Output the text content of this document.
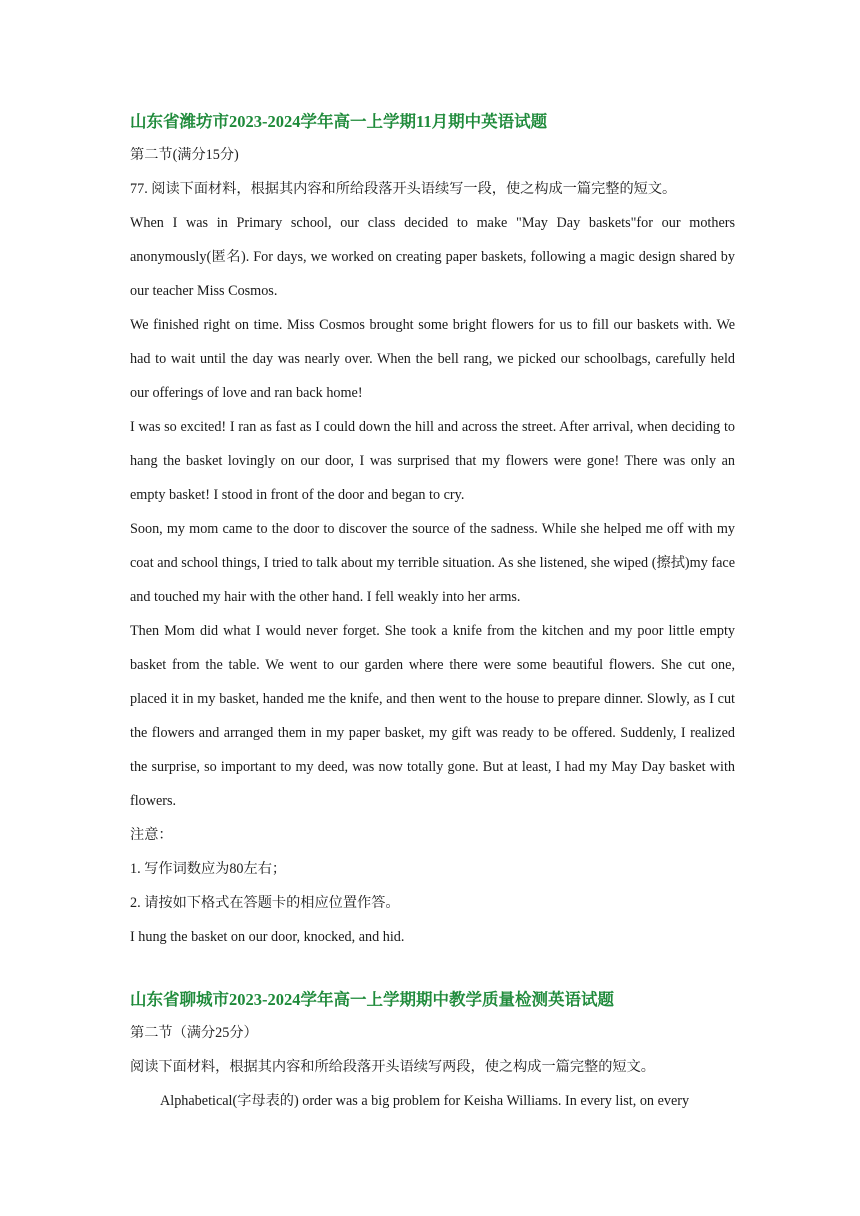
山东省潍坊市2023-2024学年高一上学期11月期中英语试题
第二节(满分15分)
77. 阅读下面材料，根据其内容和所给段落开头语续写一段，使之构成一篇完整的短文。

When I was in Primary school, our class decided to make "May Day baskets"for our mothers anonymously(匿名). For days, we worked on creating paper baskets, following a magic design shared by our teacher Miss Cosmos.

We finished right on time. Miss Cosmos brought some bright flowers for us to fill our baskets with. We had to wait until the day was nearly over. When the bell rang, we picked our schoolbags, carefully held our offerings of love and ran back home!

I was so excited! I ran as fast as I could down the hill and across the street. After arrival, when deciding to hang the basket lovingly on our door, I was surprised that my flowers were gone! There was only an empty basket! I stood in front of the door and began to cry.

Soon, my mom came to the door to discover the source of the sadness. While she helped me off with my coat and school things, I tried to talk about my terrible situation. As she listened, she wiped (擦拭)my face and touched my hair with the other hand. I fell weakly into her arms.

Then Mom did what I would never forget. She took a knife from the kitchen and my poor little empty basket from the table. We went to our garden where there were some beautiful flowers. She cut one, placed it in my basket, handed me the knife, and then went to the house to prepare dinner. Slowly, as I cut the flowers and arranged them in my paper basket, my gift was ready to be offered. Suddenly, I realized the surprise, so important to my deed, was now totally gone. But at least, I had my May Day basket with flowers.

注意：
1. 写作词数应为80左右；
2. 请按如下格式在答题卡的相应位置作答。
I hung the basket on our door, knocked, and hid.
山东省聊城市2023-2024学年高一上学期期中教学质量检测英语试题
第二节（满分25分）
阅读下面材料，根据其内容和所给段落开头语续写两段，使之构成一篇完整的短文。
Alphabetical(字母表的) order was a big problem for Keisha Williams. In every list, on every
